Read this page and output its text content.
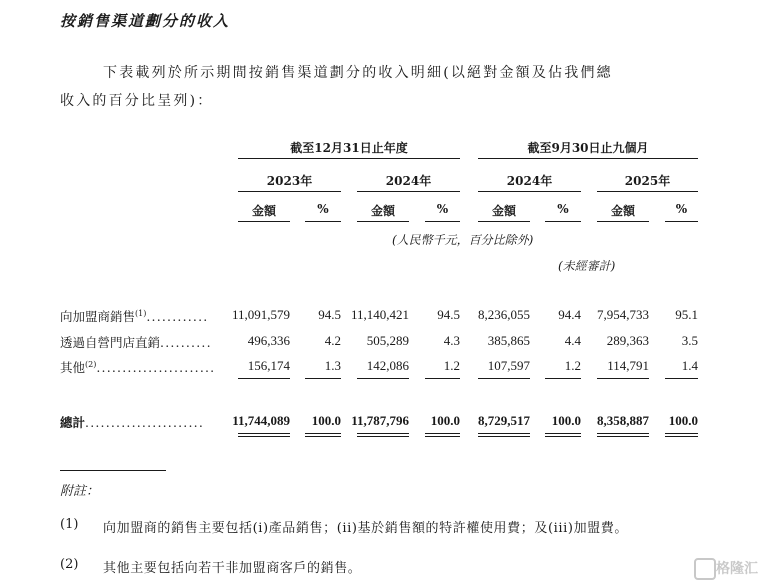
按銷售渠道劃分的收入
下表載列於所示期間按銷售渠道劃分的收入明細(以絕對金額及佔我們總
收入的百分比呈列)：
截至12月31日止年度	截至9月30日止九個月
2023年	2024年	2024年	2025年
金額	%	金額	%	金額	%	金額	%
(人民幣千元，百分比除外)
(未經審計)
向加盟商銷售$^{(1)}$............ 11,091,579 94.5 11,140,421 94.5 8,236,055 94.4 7,954,733 95.1
透過自營門店直銷..........	496,336	4.2 505,289	4.3 385,865	4.4 289,363	3.5
其他$^{(2)}$....................... 156,174	1.3 142,086	1.2 107,597	1.2 114,791	1.4
總計....................... 11,744,089 100.0 11,787,796 100.0 8,729,517 100.0 8,358,887 100.0
附註：
(1) 向加盟商的銷售主要包括(i)產品銷售；(ii)基於銷售額的特許權使用費；及(iii)加盟費。
(2) 其他主要包括向若干非加盟商客戶的銷售。	格隆汇
